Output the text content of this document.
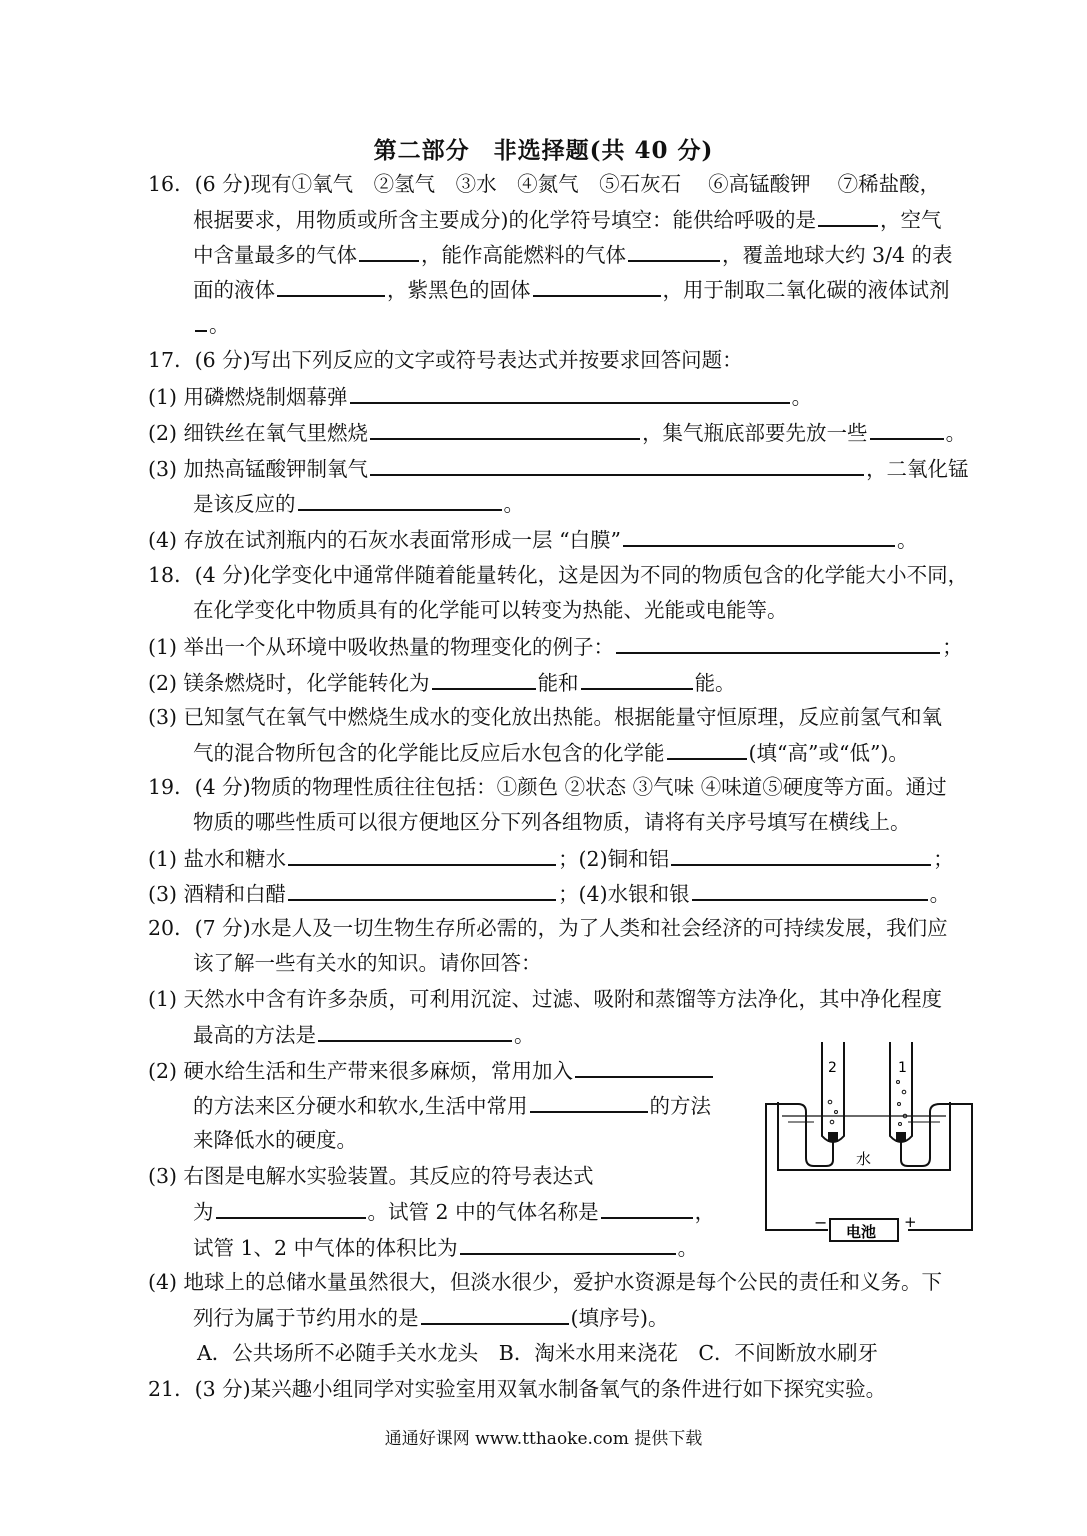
第二部分　非选择题(共 40 分)
16．(6 分)现有①氧气　②氢气　③水　④氮气　⑤石灰石　 ⑥高锰酸钾　 ⑦稀盐酸，
根据要求，用物质或所含主要成分)的化学符号填空：能供给呼吸的是	，空气
中含量最多的气体	，能作高能燃料的气体	，覆盖地球大约 3/4 的表
面的液体	，紫黑色的固体	，用于制取二氧化碳的液体试剂
。
17．(6 分)写出下列反应的文字或符号表达式并按要求回答问题：
(1) 用磷燃烧制烟幕弹	。
(2) 细铁丝在氧气里燃烧	，集气瓶底部要先放一些	。
(3) 加热高锰酸钾制氧气	，二氧化锰
是该反应的	。
(4) 存放在试剂瓶内的石灰水表面常形成一层 “白膜”	。
18．(4 分)化学变化中通常伴随着能量转化，这是因为不同的物质包含的化学能大小不同，
在化学变化中物质具有的化学能可以转变为热能、光能或电能等。
(1) 举出一个从环境中吸收热量的物理变化的例子：	；
(2) 镁条燃烧时，化学能转化为	能和	能。
(3) 已知氢气在氧气中燃烧生成水的变化放出热能。根据能量守恒原理，反应前氢气和氧
气的混合物所包含的化学能比反应后水包含的化学能	(填“高”或“低”)。
19．(4 分)物质的物理性质往往包括：①颜色 ②状态 ③气味 ④味道⑤硬度等方面。通过
物质的哪些性质可以很方便地区分下列各组物质，请将有关序号填写在横线上。
(1) 盐水和糖水	；(2)铜和铝	；
(3) 酒精和白醋	；(4)水银和银	。
20．(7 分)水是人及一切生物生存所必需的，为了人类和社会经济的可持续发展，我们应
该了解一些有关水的知识。请你回答：
(1) 天然水中含有许多杂质，可利用沉淀、过滤、吸附和蒸馏等方法净化，其中净化程度
最高的方法是	。
(2) 硬水给生活和生产带来很多麻烦，常用加入
的方法来区分硬水和软水,生活中常用	的方法
来降低水的硬度。
(3) 右图是电解水实验装置。其反应的符号表达式
为	。试管 2 中的气体名称是	，
试管 1、2 中气体的体积比为	。
(4) 地球上的总储水量虽然很大，但淡水很少，爱护水资源是每个公民的责任和义务。下
列行为属于节约用水的是	(填序号)。
A．公共场所不必随手关水龙头　B．淘米水用来浇花　C．不间断放水刷牙
21．(3 分)某兴趣小组同学对实验室用双氧水制备氧气的条件进行如下探究实验。
2	1
水
电池
−	+
通通好课网 www.tthaoke.com 提供下载
